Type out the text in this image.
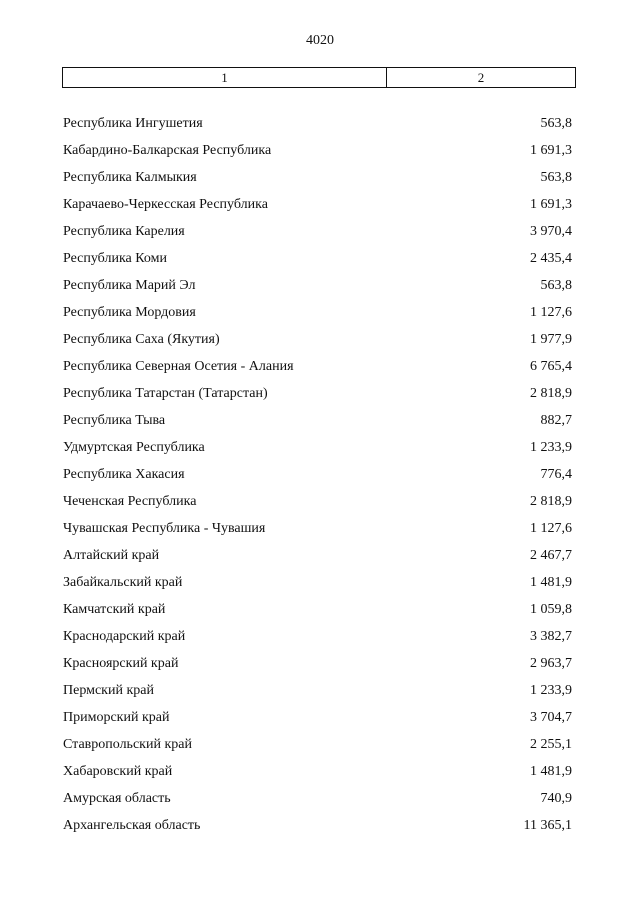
4020
1	2
Республика Ингушетия	563,8
Кабардино-Балкарская Республика	1 691,3
Республика Калмыкия	563,8
Карачаево-Черкесская Республика	1 691,3
Республика Карелия	3 970,4
Республика Коми	2 435,4
Республика Марий Эл	563,8
Республика Мордовия	1 127,6
Республика Саха (Якутия)	1 977,9
Республика Северная Осетия - Алания	6 765,4
Республика Татарстан (Татарстан)	2 818,9
Республика Тыва	882,7
Удмуртская Республика	1 233,9
Республика Хакасия	776,4
Чеченская Республика	2 818,9
Чувашская Республика - Чувашия	1 127,6
Алтайский край	2 467,7
Забайкальский край	1 481,9
Камчатский край	1 059,8
Краснодарский край	3 382,7
Красноярский край	2 963,7
Пермский край	1 233,9
Приморский край	3 704,7
Ставропольский край	2 255,1
Хабаровский край	1 481,9
Амурская область	740,9
Архангельская область	11 365,1
